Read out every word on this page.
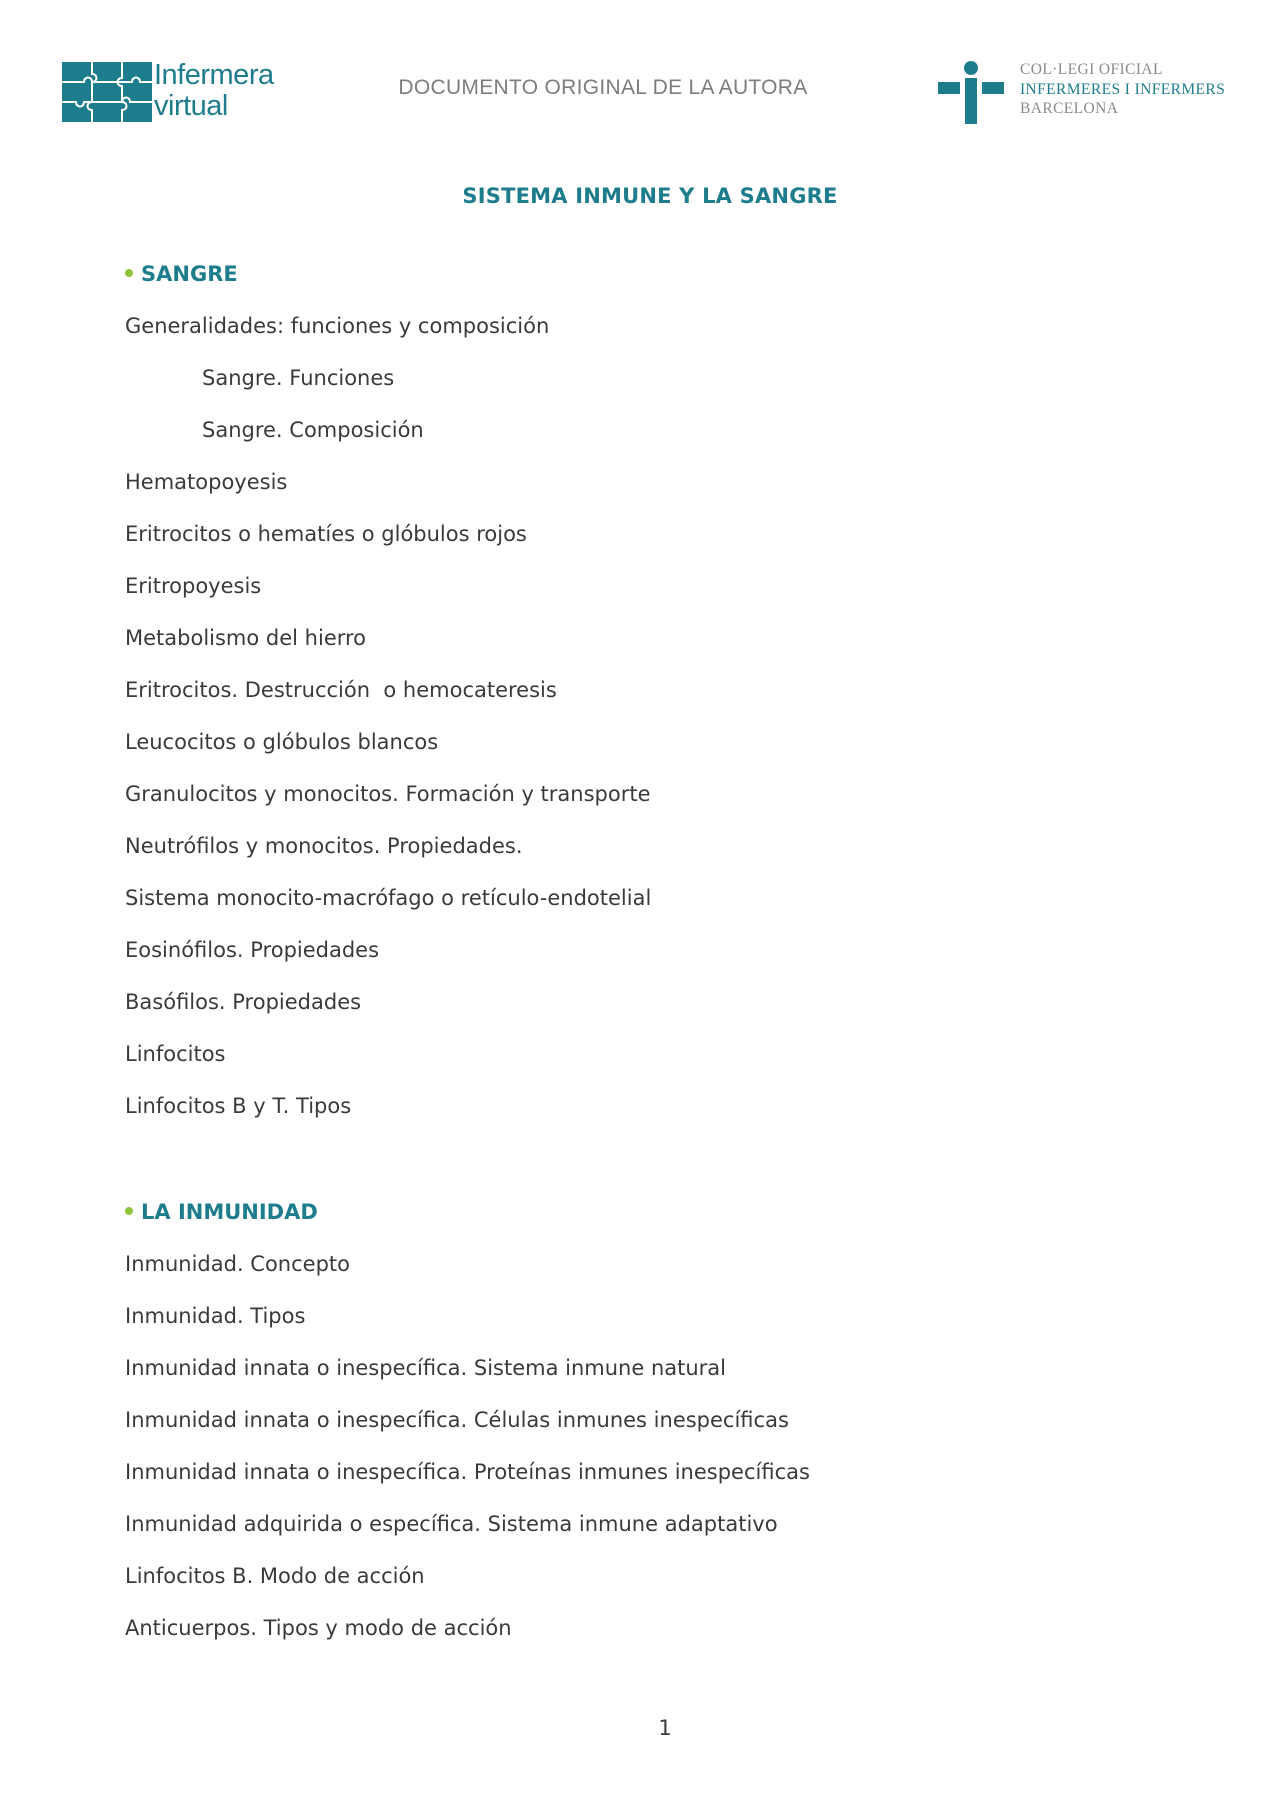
Infermera
virtual
DOCUMENTO ORIGINAL DE LA AUTORA
COL·LEGI OFICIAL
INFERMERES I INFERMERS
BARCELONA
SISTEMA INMUNE Y LA SANGRE
SANGRE
Generalidades: funciones y composición
Sangre. Funciones
Sangre. Composición
Hematopoyesis
Eritrocitos o hematíes o glóbulos rojos
Eritropoyesis
Metabolismo del hierro
Eritrocitos. Destrucción  o hemocateresis
Leucocitos o glóbulos blancos
Granulocitos y monocitos. Formación y transporte
Neutrófilos y monocitos. Propiedades.
Sistema monocito-macrófago o retículo-endotelial
Eosinófilos. Propiedades
Basófilos. Propiedades
Linfocitos
Linfocitos B y T. Tipos
LA INMUNIDAD
Inmunidad. Concepto
Inmunidad. Tipos
Inmunidad innata o inespecífica. Sistema inmune natural
Inmunidad innata o inespecífica. Células inmunes inespecíficas
Inmunidad innata o inespecífica. Proteínas inmunes inespecíficas
Inmunidad adquirida o específica. Sistema inmune adaptativo
Linfocitos B. Modo de acción
Anticuerpos. Tipos y modo de acción
1
